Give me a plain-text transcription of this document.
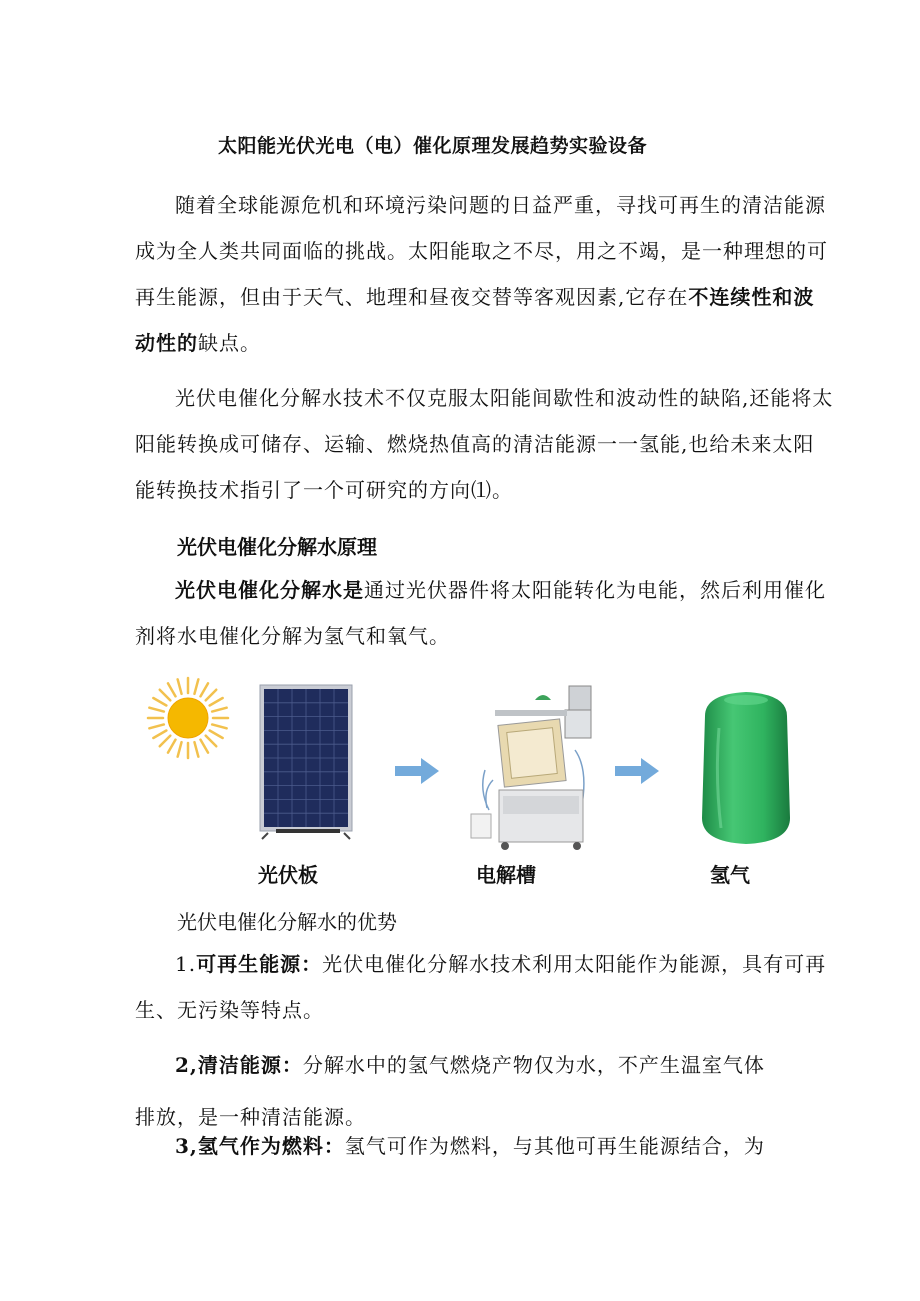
太阳能光伏光电（电）催化原理发展趋势实验设备

随着全球能源危机和环境污染问题的日益严重，寻找可再生的清洁能源成为全人类共同面临的挑战。太阳能取之不尽，用之不竭，是一种理想的可再生能源，但由于天气、地理和昼夜交替等客观因素,它存在不连续性和波动性的缺点。

光伏电催化分解水技术不仅克服太阳能间歇性和波动性的缺陷,还能将太阳能转换成可储存、运输、燃烧热值高的清洁能源一一氢能,也给未来太阳能转换技术指引了一个可研究的方向⑴。

光伏电催化分解水原理

光伏电催化分解水是通过光伏器件将太阳能转化为电能，然后利用催化剂将水电催化分解为氢气和氧气。

光伏板	电解槽	氢气
光伏电催化分解水的优势

1.可再生能源：光伏电催化分解水技术利用太阳能作为能源，具有可再生、无污染等特点。

2,清洁能源：分解水中的氢气燃烧产物仅为水，不产生温室气体
排放，是一种清洁能源。
3,氢气作为燃料：氢气可作为燃料，与其他可再生能源结合，为
